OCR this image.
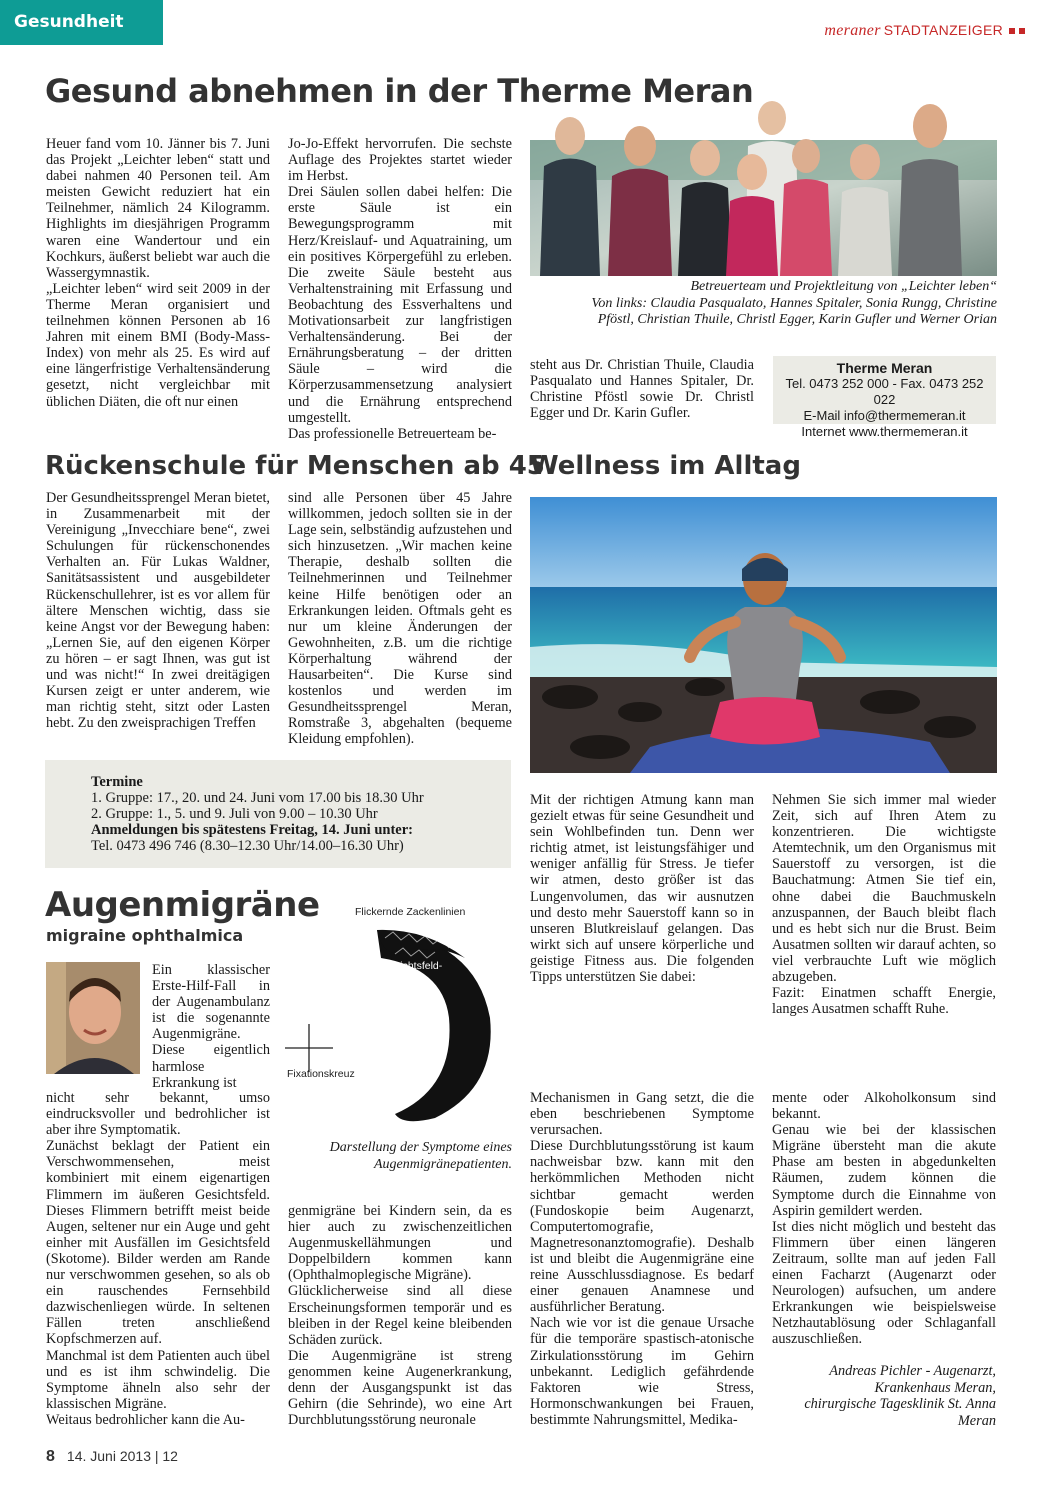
Gesundheit	meraner STADTANZEIGER
Gesund abnehmen in der Therme Meran

Heuer fand vom 10. Jänner bis 7. Juni das Projekt „Leichter leben“ statt und dabei nahmen 40 Personen teil. Am meisten Gewicht reduziert hat ein Teilnehmer, nämlich 24 Kilogramm. Highlights im diesjährigen Programm waren eine Wandertour und ein Kochkurs, äußerst beliebt war auch die Wassergymnastik.

„Leichter leben“ wird seit 2009 in der Therme Meran organisiert und teilnehmen können Personen ab 16 Jahren mit einem BMI (Body-Mass-Index) von mehr als 25. Es wird auf eine längerfristige Verhaltensänderung gesetzt, nicht vergleichbar mit üblichen Diäten, die oft nur einen

Jo-Jo-Effekt hervorrufen. Die sechste Auflage des Projektes startet wieder im Herbst.

Drei Säulen sollen dabei helfen: Die erste Säule ist ein Bewegungsprogramm mit Herz/Kreislauf- und Aquatraining, um ein positives Körpergefühl zu erleben. Die zweite Säule besteht aus Verhaltenstraining mit Erfassung und Beobachtung des Essverhaltens und Motivationsarbeit zur langfristigen Verhaltensänderung. Bei der Ernährungsberatung – der dritten Säule – wird die Körperzusammensetzung analysiert und die Ernährung entsprechend umgestellt.

Das professionelle Betreuerteam be-

Betreuerteam und Projektleitung von „Leichter leben“
Von links: Claudia Pasqualato, Hannes Spitaler, Sonia Rungg, Christine
Pföstl, Christian Thuile, Christl Egger, Karin Gufler und Werner Orian

steht aus Dr. Christian Thuile, Claudia Pasqualato und Hannes Spitaler, Dr. Christine Pföstl sowie Dr. Christl Egger und Dr. Karin Gufler.

Therme Meran
Tel. 0473 252 000 - Fax. 0473 252 022
E-Mail info@thermemeran.it
Internet www.thermemeran.it
Rückenschule für Menschen ab 45

Der Gesundheitssprengel Meran bietet, in Zusammenarbeit mit der Vereinigung „Invecchiare bene“, zwei Schulungen für rückenschonendes Verhalten an. Für Lukas Waldner, Sanitätsassistent und ausgebildeter Rückenschullehrer, ist es vor allem für ältere Menschen wichtig, dass sie keine Angst vor der Bewegung haben: „Lernen Sie, auf den eigenen Körper zu hören – er sagt Ihnen, was gut ist und was nicht!“ In zwei dreitägigen Kursen zeigt er unter anderem, wie man richtig steht, sitzt oder Lasten hebt. Zu den zweisprachigen Treffen

sind alle Personen über 45 Jahre willkommen, jedoch sollten sie in der Lage sein, selbständig aufzustehen und sich hinzusetzen. „Wir machen keine Therapie, deshalb sollten die Teilnehmerinnen und Teilnehmer keine Hilfe benötigen oder an Erkrankungen leiden. Oftmals geht es nur um kleine Änderungen der Gewohnheiten, z.B. um die richtige Körperhaltung während der Hausarbeiten“. Die Kurse sind kostenlos und werden im Gesundheitssprengel Meran, Romstraße 3, abgehalten (bequeme Kleidung empfohlen).

Termine
1. Gruppe: 17., 20. und 24. Juni vom 17.00 bis 18.30 Uhr
2. Gruppe: 1., 5. und 9. Juli von 9.00 – 10.30 Uhr
Anmeldungen bis spätestens Freitag, 14. Juni unter:
Tel. 0473 496 746 (8.30–12.30 Uhr/14.00–16.30 Uhr)
Wellness im Alltag

Mit der richtigen Atmung kann man gezielt etwas für seine Gesundheit und sein Wohlbefinden tun. Denn wer richtig atmet, ist leistungsfähiger und weniger anfällig für Stress. Je tiefer wir atmen, desto größer ist das Lungenvolumen, das wir ausnutzen und desto mehr Sauerstoff kann so in unseren Blutkreislauf gelangen. Das wirkt sich auf unsere körperliche und geistige Fitness aus. Die folgenden Tipps unterstützen Sie dabei:

Nehmen Sie sich immer mal wieder Zeit, sich auf Ihren Atem zu konzentrieren. Die wichtigste Atemtechnik, um den Organismus mit Sauerstoff zu versorgen, ist die Bauchatmung: Atmen Sie tief ein, ohne dabei die Bauchmuskeln anzuspannen, der Bauch bleibt flach und es hebt sich nur die Brust. Beim Ausatmen sollten wir darauf achten, so viel verbrauchte Luft wie möglich abzugeben.

Fazit: Einatmen schafft Energie, langes Ausatmen schafft Ruhe.

Augenmigräne
migraine ophthalmica

Ein klassischer Erste-Hilf-Fall in der Augenambulanz ist die sogenannte Augenmigräne. Diese eigentlich harmlose Erkrankung ist

nicht sehr bekannt, umso eindrucksvoller und bedrohlicher ist aber ihre Symptomatik.

Zunächst beklagt der Patient ein Verschwommensehen, meist kombiniert mit einem eigenartigen Flimmern im äußeren Gesichtsfeld. Dieses Flimmern betrifft meist beide Augen, seltener nur ein Auge und geht einher mit Ausfällen im Gesichtsfeld (Skotome). Bilder werden am Rande nur verschwommen gesehen, so als ob ein rauschendes Fernsehbild dazwischenliegen würde. In seltenen Fällen treten anschließend Kopfschmerzen auf.

Manchmal ist dem Patienten auch übel und es ist ihm schwindelig. Die Symptome ähneln also sehr der klassischen Migräne.

Weitaus bedrohlicher kann die Au-

Flickernde Zackenlinien
Gesichtsfeld-
ausfall
Fixationskreuz
Darstellung der Symptome eines
Augenmigränepatienten.

genmigräne bei Kindern sein, da es hier auch zu zwischenzeitlichen Augenmuskellähmungen und Doppelbildern kommen kann (Ophthalmoplegische Migräne).

Glücklicherweise sind all diese Erscheinungsformen temporär und es bleiben in der Regel keine bleibenden Schäden zurück.

Die Augenmigräne ist streng genommen keine Augenerkrankung, denn der Ausgangspunkt ist das Gehirn (die Sehrinde), wo eine Art Durchblutungsstörung neuronale

Mechanismen in Gang setzt, die die eben beschriebenen Symptome verursachen.

Diese Durchblutungsstörung ist kaum nachweisbar bzw. kann mit den herkömmlichen Methoden nicht sichtbar gemacht werden (Fundoskopie beim Augenarzt, Computertomografie, Magnetresonanztomografie). Deshalb ist und bleibt die Augenmigräne eine reine Ausschlussdiagnose. Es bedarf einer genauen Anamnese und ausführlicher Beratung.

Nach wie vor ist die genaue Ursache für die temporäre spastisch-atonische Zirkulationsstörung im Gehirn unbekannt. Lediglich gefährdende Faktoren wie Stress, Hormonschwankungen bei Frauen, bestimmte Nahrungsmittel, Medika-

mente oder Alkoholkonsum sind bekannt.

Genau wie bei der klassischen Migräne übersteht man die akute Phase am besten in abgedunkelten Räumen, zudem können die Symptome durch die Einnahme von Aspirin gemildert werden.

Ist dies nicht möglich und besteht das Flimmern über einen längeren Zeitraum, sollte man auf jeden Fall einen Facharzt (Augenarzt oder Neurologen) aufsuchen, um andere Erkrankungen wie beispielsweise Netzhautablösung oder Schlaganfall auszuschließen.

Andreas Pichler - Augenarzt,
Krankenhaus Meran,
chirurgische Tagesklinik St. Anna
Meran
8 14. Juni 2013 | 12
